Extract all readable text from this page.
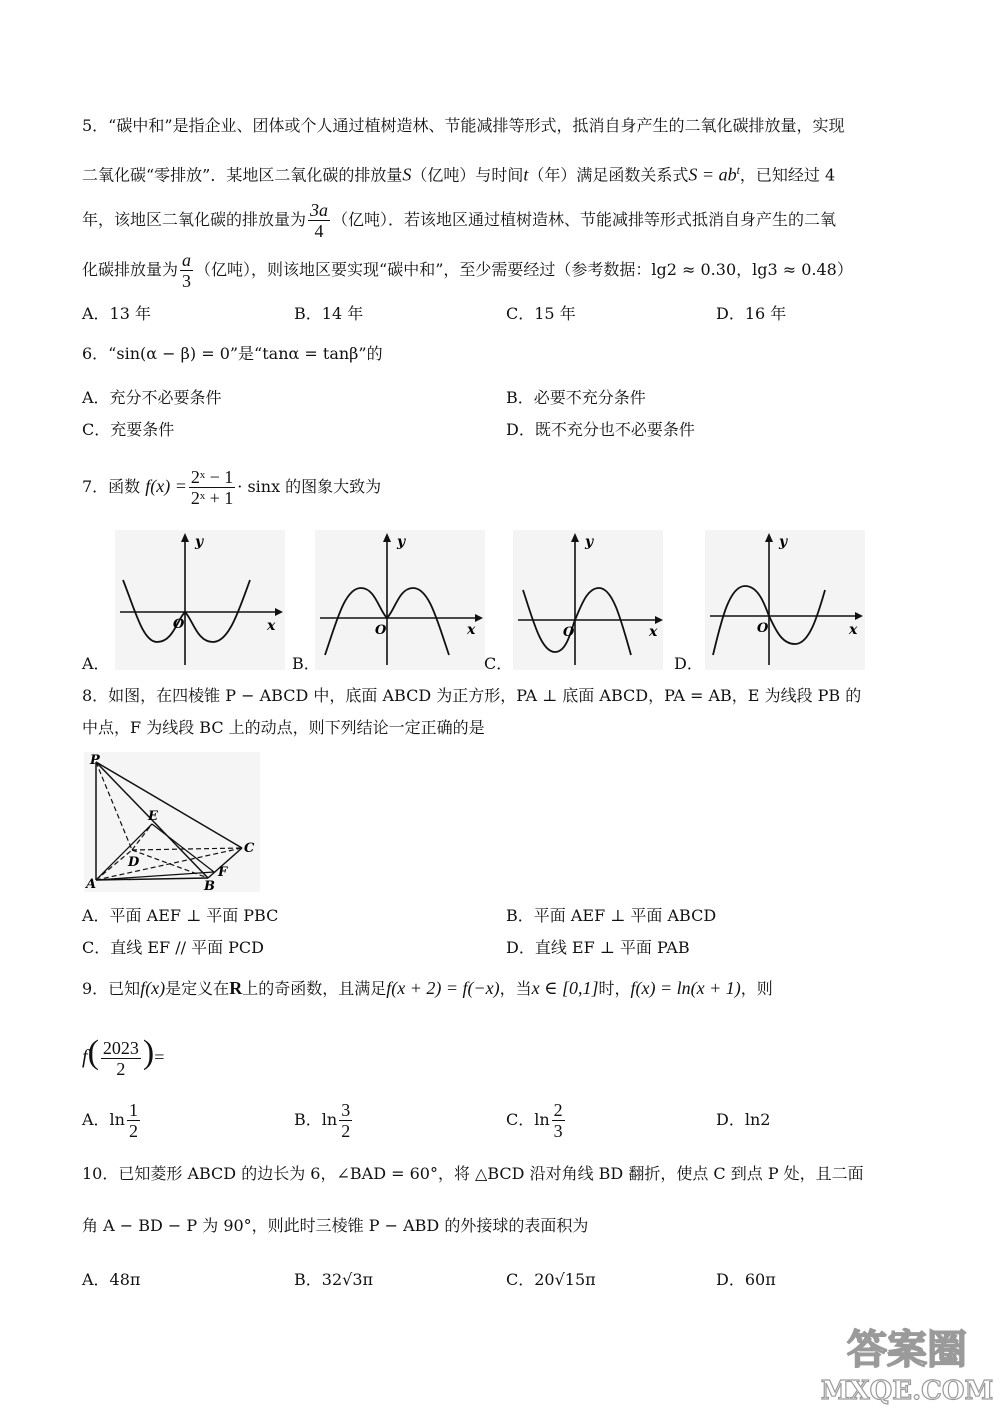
5．“碳中和”是指企业、团体或个人通过植树造林、节能减排等形式，抵消自身产生的二氧化碳排放量，实现
二氧化碳“零排放”．某地区二氧化碳的排放量S（亿吨）与时间t（年）满足函数关系式$S = ab^t$，已知经过 4
年，该地区二氧化碳的排放量为 $\frac{3a}{4}$ （亿吨）．若该地区通过植树造林、节能减排等形式抵消自身产生的二氧
化碳排放量为 $\frac{a}{3}$ （亿吨），则该地区要实现“碳中和”，至少需要经过（参考数据：lg2 ≈ 0.30，lg3 ≈ 0.48）
A．13 年	B．14 年	C．15 年	D．16 年
6．“sin(α − β) = 0”是“tanα = tanβ”的
A．充分不必要条件	B．必要不充分条件
C．充要条件	D．既不充分也不必要条件
7．函数 $f(x) = \frac{\text{2ˣ − 1}}{\text{2ˣ + 1}} \cdot \sin x$ 的图象大致为
y
x
O
A．
y
x
O
B．
y
x
O
C．
y
x
O
D．
8．如图，在四棱锥 P − ABCD 中，底面 ABCD 为正方形，PA ⊥ 底面 ABCD，PA = AB，E 为线段 PB 的
中点，F 为线段 BC 上的动点，则下列结论一定正确的是
P
A	B
C
D
E
F
A．平面 AEF ⊥ 平面 PBC	B．平面 AEF ⊥ 平面 ABCD
C．直线 EF // 平面 PCD	D．直线 EF ⊥ 平面 PAB
9．已知f(x)是定义在R上的奇函数，且满足f(x + 2) = f(−x)，当x ∈ [0,1]时，f(x) = ln(x + 1)，则
$f( \frac{2023}{2}$ )=
A．$\ln \frac{1}{2}$	B．$\ln \frac{3}{2}$	C．$\ln \frac{2}{3}$	D．ln2
10．已知菱形 ABCD 的边长为 6，∠BAD = 60°，将 △BCD 沿对角线 BD 翻折，使点 C 到点 P 处，且二面
角 A − BD − P 为 90°，则此时三棱锥 P − ABD 的外接球的表面积为
A．48π	B．32√3π	C．20√15π	D．60π
答案圈
MXQE.COM
